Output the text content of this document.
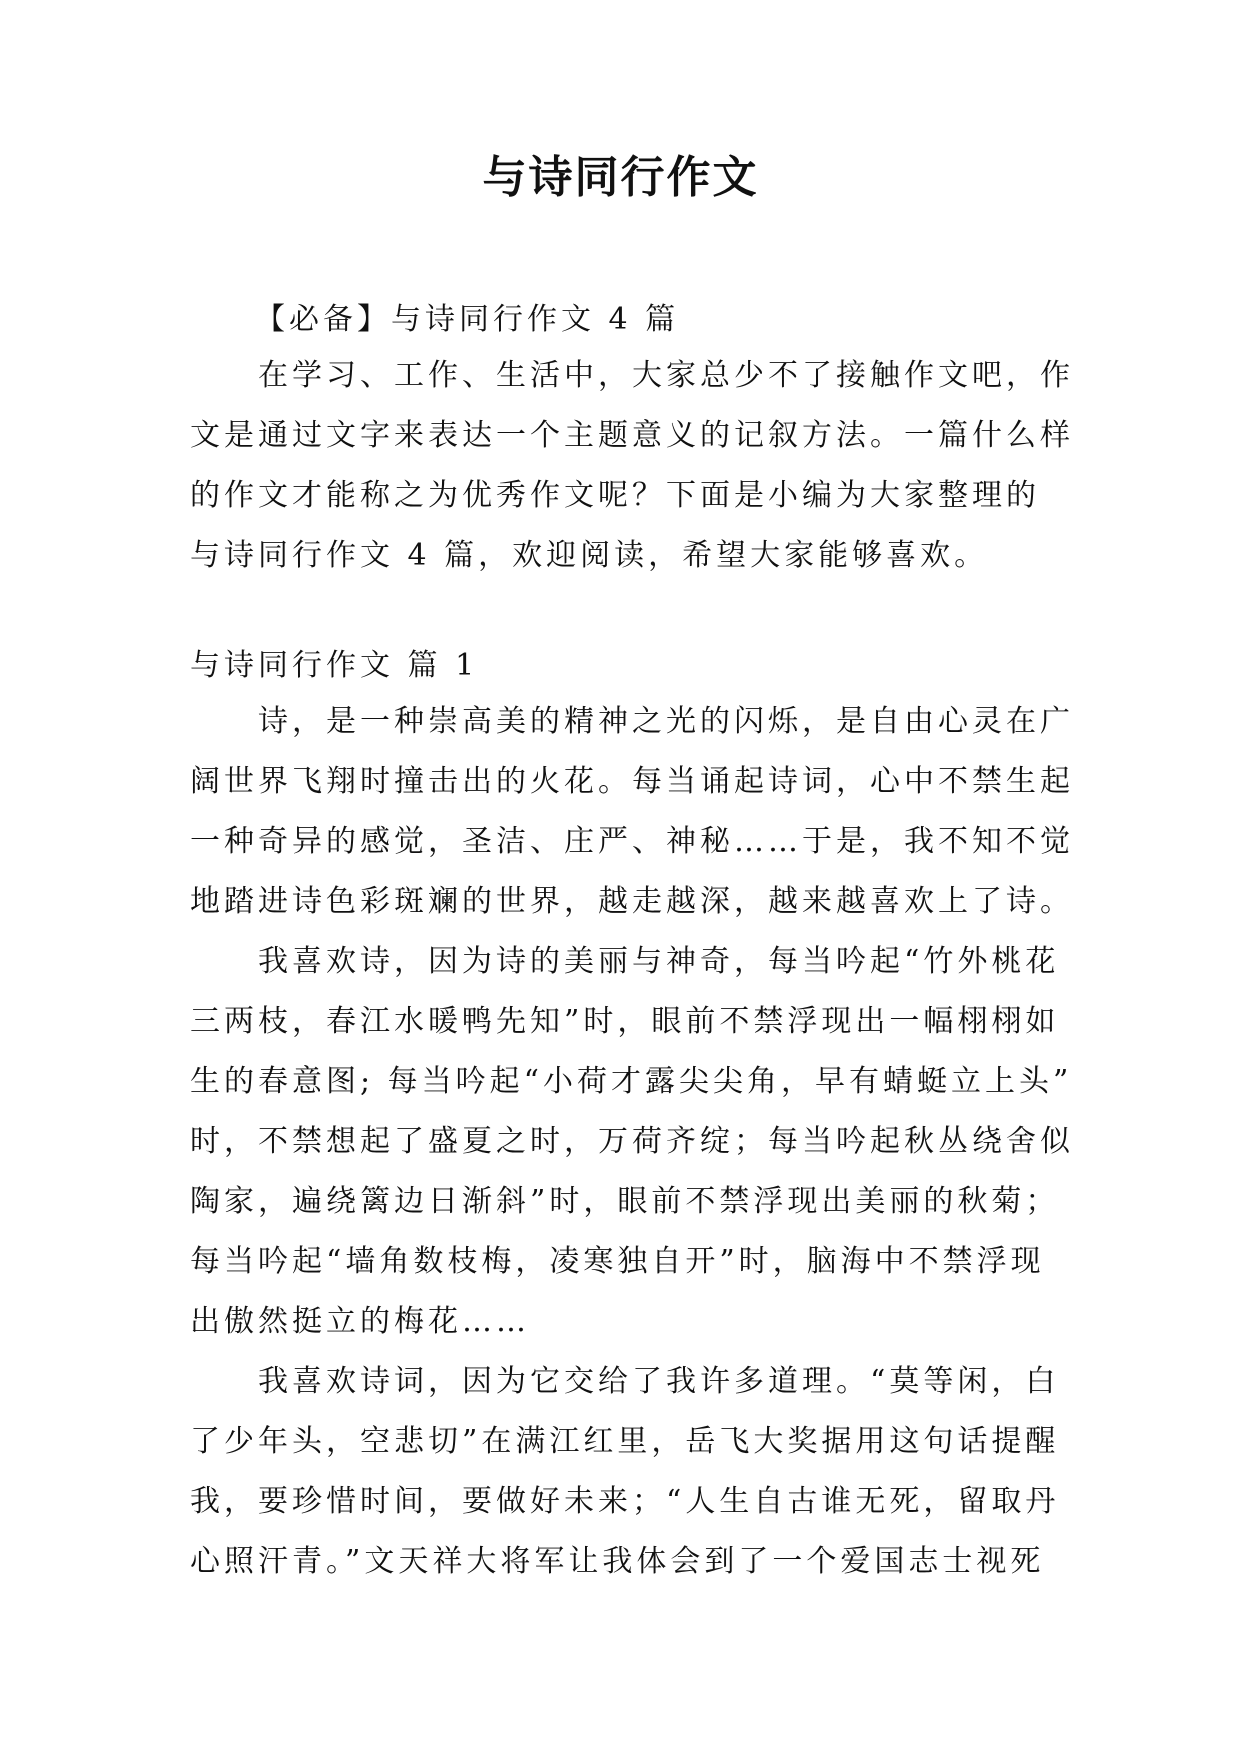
与诗同行作文
【必备】与诗同行作文 4 篇

在学习、工作、生活中，大家总少不了接触作文吧，作

文是通过文字来表达一个主题意义的记叙方法。一篇什么样

的作文才能称之为优秀作文呢？下面是小编为大家整理的

与诗同行作文 4 篇，欢迎阅读，希望大家能够喜欢。

与诗同行作文 篇 1

诗，是一种崇高美的精神之光的闪烁，是自由心灵在广

阔世界飞翔时撞击出的火花。每当诵起诗词，心中不禁生起

一种奇异的感觉，圣洁、庄严、神秘……于是，我不知不觉

地踏进诗色彩斑斓的世界，越走越深，越来越喜欢上了诗。

我喜欢诗，因为诗的美丽与神奇，每当吟起“竹外桃花

三两枝，春江水暖鸭先知”时，眼前不禁浮现出一幅栩栩如

生的春意图; 每当吟起“小荷才露尖尖角，早有蜻蜓立上头”

时，不禁想起了盛夏之时，万荷齐绽；每当吟起秋丛绕舍似

陶家，遍绕篱边日渐斜”时，眼前不禁浮现出美丽的秋菊；

每当吟起“墙角数枝梅，凌寒独自开”时，脑海中不禁浮现

出傲然挺立的梅花……

我喜欢诗词，因为它交给了我许多道理。“莫等闲，白

了少年头，空悲切”在满江红里，岳飞大奖据用这句话提醒

我，要珍惜时间，要做好未来；“人生自古谁无死，留取丹

心照汗青。”文天祥大将军让我体会到了一个爱国志士视死
